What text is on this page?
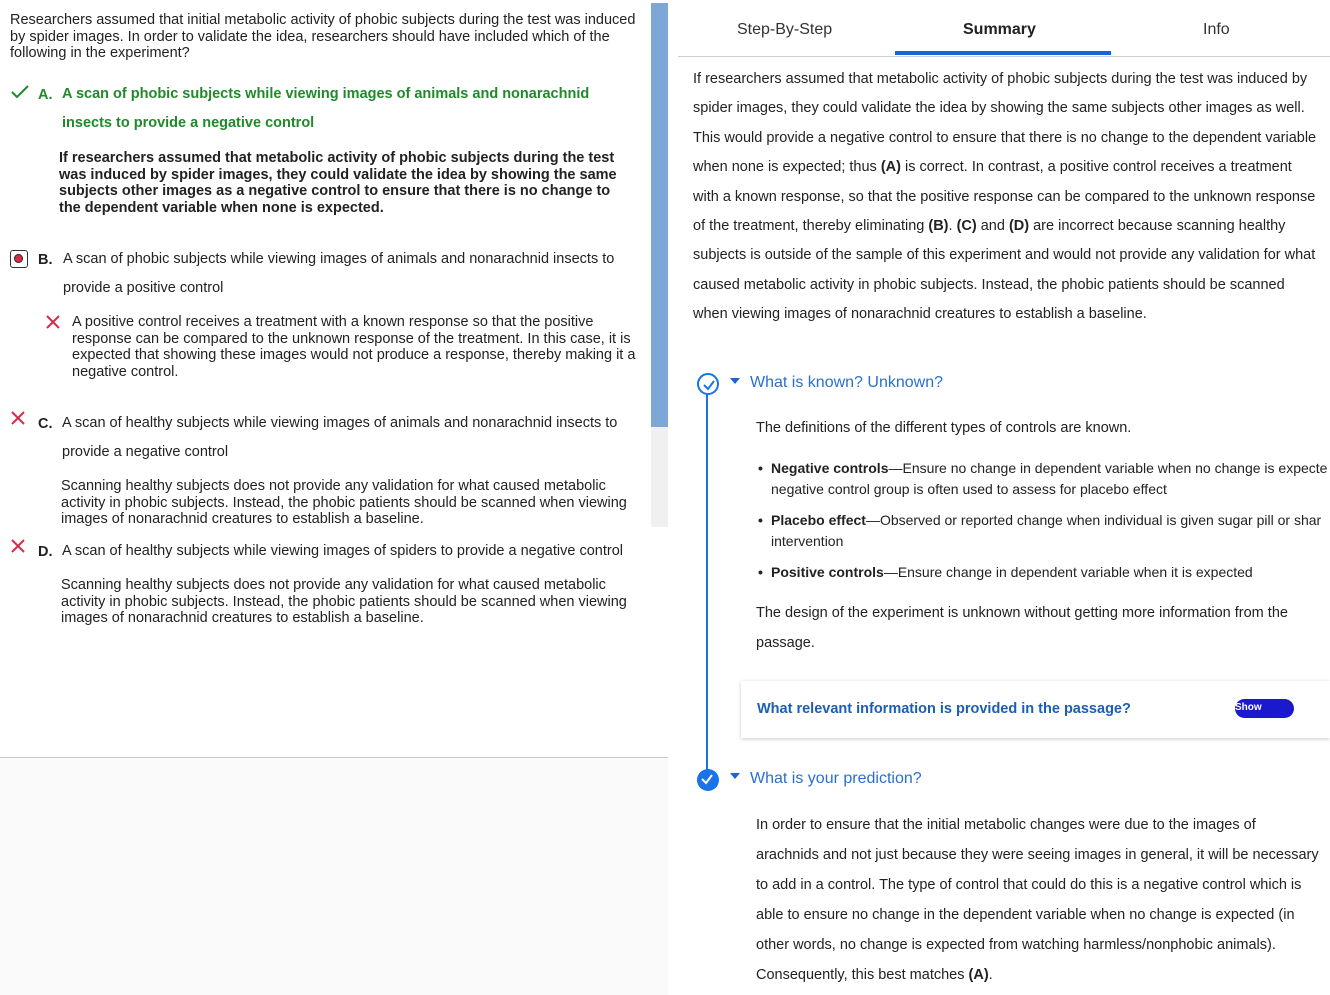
Researchers assumed that initial metabolic activity of phobic subjects during the test was induced by spider images. In order to validate the idea, researchers should have included which of the following in the experiment?
A. A scan of phobic subjects while viewing images of animals and nonarachnid insects to provide a negative control
If researchers assumed that metabolic activity of phobic subjects during the test was induced by spider images, they could validate the idea by showing the same subjects other images as a negative control to ensure that there is no change to the dependent variable when none is expected.
B. A scan of phobic subjects while viewing images of animals and nonarachnid insects to provide a positive control
A positive control receives a treatment with a known response so that the positive response can be compared to the unknown response of the treatment. In this case, it is expected that showing these images would not produce a response, thereby making it a negative control.
C. A scan of healthy subjects while viewing images of animals and nonarachnid insects to provide a negative control
Scanning healthy subjects does not provide any validation for what caused metabolic activity in phobic subjects. Instead, the phobic patients should be scanned when viewing images of nonarachnid creatures to establish a baseline.
D. A scan of healthy subjects while viewing images of spiders to provide a negative control
Scanning healthy subjects does not provide any validation for what caused metabolic activity in phobic subjects. Instead, the phobic patients should be scanned when viewing images of nonarachnid creatures to establish a baseline.
Step-By-Step	Summary	Info
If researchers assumed that metabolic activity of phobic subjects during the test was induced by spider images, they could validate the idea by showing the same subjects other images as well. This would provide a negative control to ensure that there is no change to the dependent variable when none is expected; thus (A) is correct. In contrast, a positive control receives a treatment with a known response, so that the positive response can be compared to the unknown response of the treatment, thereby eliminating (B). (C) and (D) are incorrect because scanning healthy subjects is outside of the sample of this experiment and would not provide any validation for what caused metabolic activity in phobic subjects. Instead, the phobic patients should be scanned when viewing images of nonarachnid creatures to establish a baseline.
What is known? Unknown?
The definitions of the different types of controls are known.
• Negative controls—Ensure no change in dependent variable when no change is expecte
negative control group is often used to assess for placebo effect
• Placebo effect—Observed or reported change when individual is given sugar pill or shar
intervention
• Positive controls—Ensure change in dependent variable when it is expected
The design of the experiment is unknown without getting more information from the passage.
What relevant information is provided in the passage?	Show
What is your prediction?
In order to ensure that the initial metabolic changes were due to the images of arachnids and not just because they were seeing images in general, it will be necessary to add in a control. The type of control that could do this is a negative control which is able to ensure no change in the dependent variable when no change is expected (in other words, no change is expected from watching harmless/nonphobic animals). Consequently, this best matches (A).
